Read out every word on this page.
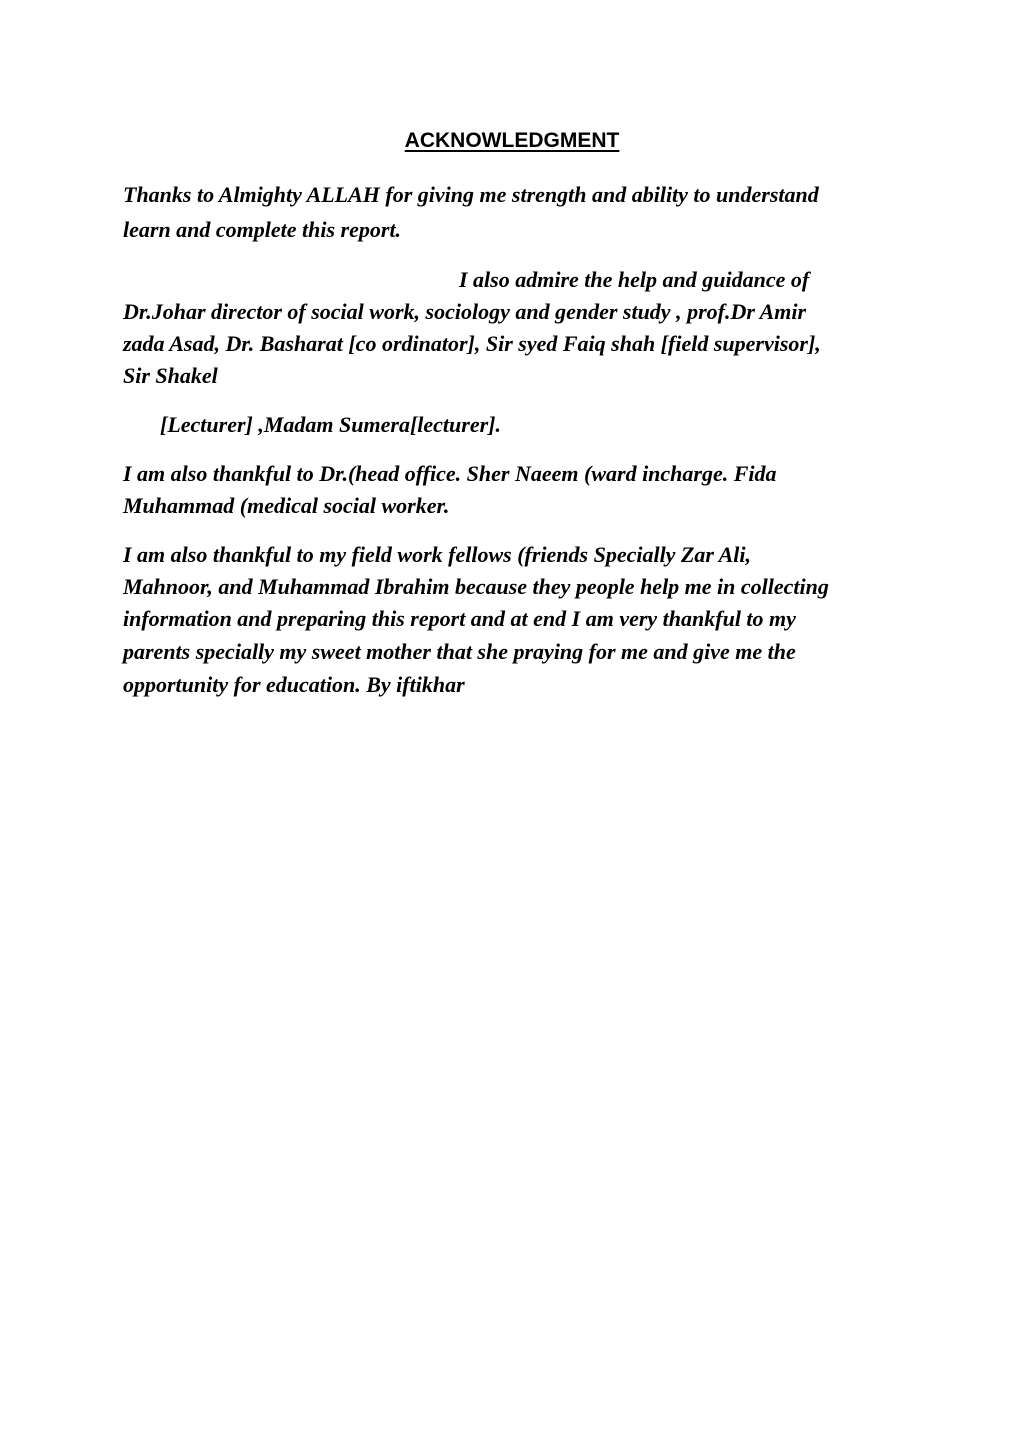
ACKNOWLEDGMENT

Thanks to Almighty ALLAH for giving me strength and ability to understand

learn and complete this report.

I also admire the help and guidance of

Dr.Johar director of social work, sociology and gender study , prof.Dr Amir

zada Asad, Dr. Basharat [co ordinator], Sir syed Faiq shah [field supervisor],

Sir Shakel

[Lecturer] ,Madam Sumera[lecturer].

I am also thankful to Dr.(head office. Sher Naeem (ward incharge. Fida

Muhammad (medical social worker.

I am also thankful to my field work fellows (friends Specially Zar Ali,

Mahnoor, and Muhammad Ibrahim because they people help me in collecting

information and preparing this report and at end I am very thankful to my

parents specially my sweet mother that she praying for me and give me the

opportunity for education. By iftikhar
